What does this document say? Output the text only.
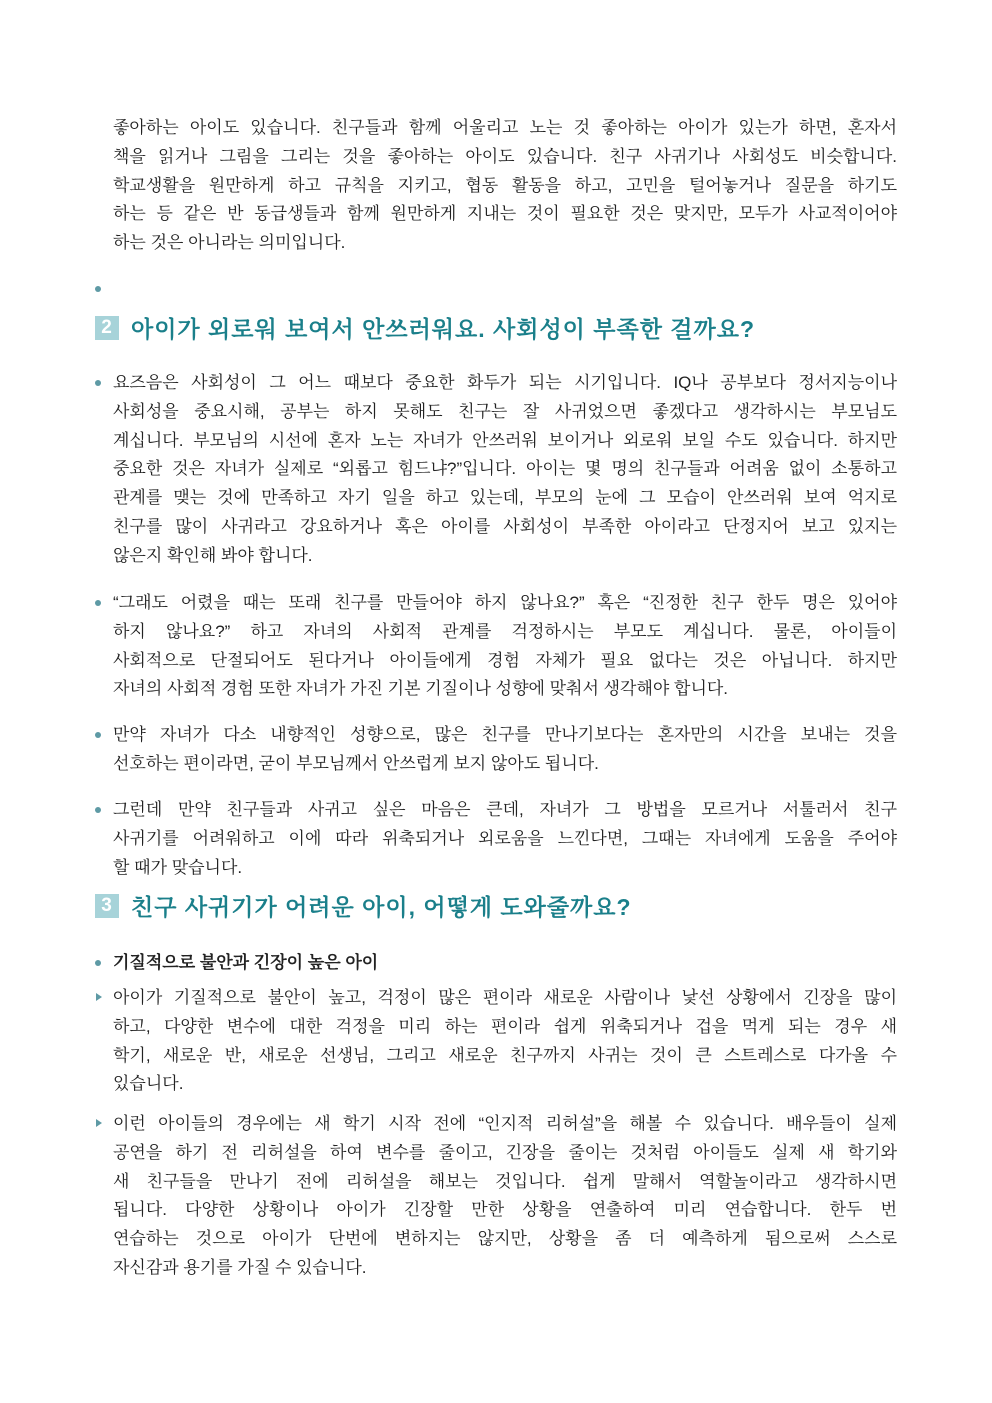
좋아하는 아이도 있습니다. 친구들과 함께 어울리고 노는 것 좋아하는 아이가 있는가 하면, 혼자서
책을 읽거나 그림을 그리는 것을 좋아하는 아이도 있습니다. 친구 사귀기나 사회성도 비슷합니다.
학교생활을 원만하게 하고 규칙을 지키고, 협동 활동을 하고, 고민을 털어놓거나 질문을 하기도
하는 등 같은 반 동급생들과 함께 원만하게 지내는 것이 필요한 것은 맞지만, 모두가 사교적이어야
하는 것은 아니라는 의미입니다.
2 아이가 외로워 보여서 안쓰러워요. 사회성이 부족한 걸까요?
요즈음은 사회성이 그 어느 때보다 중요한 화두가 되는 시기입니다. IQ나 공부보다 정서지능이나
사회성을 중요시해, 공부는 하지 못해도 친구는 잘 사귀었으면 좋겠다고 생각하시는 부모님도
계십니다. 부모님의 시선에 혼자 노는 자녀가 안쓰러워 보이거나 외로워 보일 수도 있습니다. 하지만
중요한 것은 자녀가 실제로 “외롭고 힘드냐?”입니다. 아이는 몇 명의 친구들과 어려움 없이 소통하고
관계를 맺는 것에 만족하고 자기 일을 하고 있는데, 부모의 눈에 그 모습이 안쓰러워 보여 억지로
친구를 많이 사귀라고 강요하거나 혹은 아이를 사회성이 부족한 아이라고 단정지어 보고 있지는
않은지 확인해 봐야 합니다.
“그래도 어렸을 때는 또래 친구를 만들어야 하지 않나요?” 혹은 “진정한 친구 한두 명은 있어야
하지 않나요?” 하고 자녀의 사회적 관계를 걱정하시는 부모도 계십니다. 물론, 아이들이
사회적으로 단절되어도 된다거나 아이들에게 경험 자체가 필요 없다는 것은 아닙니다. 하지만
자녀의 사회적 경험 또한 자녀가 가진 기본 기질이나 성향에 맞춰서 생각해야 합니다.
만약 자녀가 다소 내향적인 성향으로, 많은 친구를 만나기보다는 혼자만의 시간을 보내는 것을
선호하는 편이라면, 굳이 부모님께서 안쓰럽게 보지 않아도 됩니다.
그런데 만약 친구들과 사귀고 싶은 마음은 큰데, 자녀가 그 방법을 모르거나 서툴러서 친구
사귀기를 어려워하고 이에 따라 위축되거나 외로움을 느낀다면, 그때는 자녀에게 도움을 주어야
할 때가 맞습니다.
3 친구 사귀기가 어려운 아이, 어떻게 도와줄까요?
기질적으로 불안과 긴장이 높은 아이
아이가 기질적으로 불안이 높고, 걱정이 많은 편이라 새로운 사람이나 낯선 상황에서 긴장을 많이
하고, 다양한 변수에 대한 걱정을 미리 하는 편이라 쉽게 위축되거나 겁을 먹게 되는 경우 새
학기, 새로운 반, 새로운 선생님, 그리고 새로운 친구까지 사귀는 것이 큰 스트레스로 다가올 수
있습니다.
이런 아이들의 경우에는 새 학기 시작 전에 “인지적 리허설”을 해볼 수 있습니다. 배우들이 실제
공연을 하기 전 리허설을 하여 변수를 줄이고, 긴장을 줄이는 것처럼 아이들도 실제 새 학기와
새 친구들을 만나기 전에 리허설을 해보는 것입니다. 쉽게 말해서 역할놀이라고 생각하시면
됩니다. 다양한 상황이나 아이가 긴장할 만한 상황을 연출하여 미리 연습합니다. 한두 번
연습하는 것으로 아이가 단번에 변하지는 않지만, 상황을 좀 더 예측하게 됨으로써 스스로
자신감과 용기를 가질 수 있습니다.
